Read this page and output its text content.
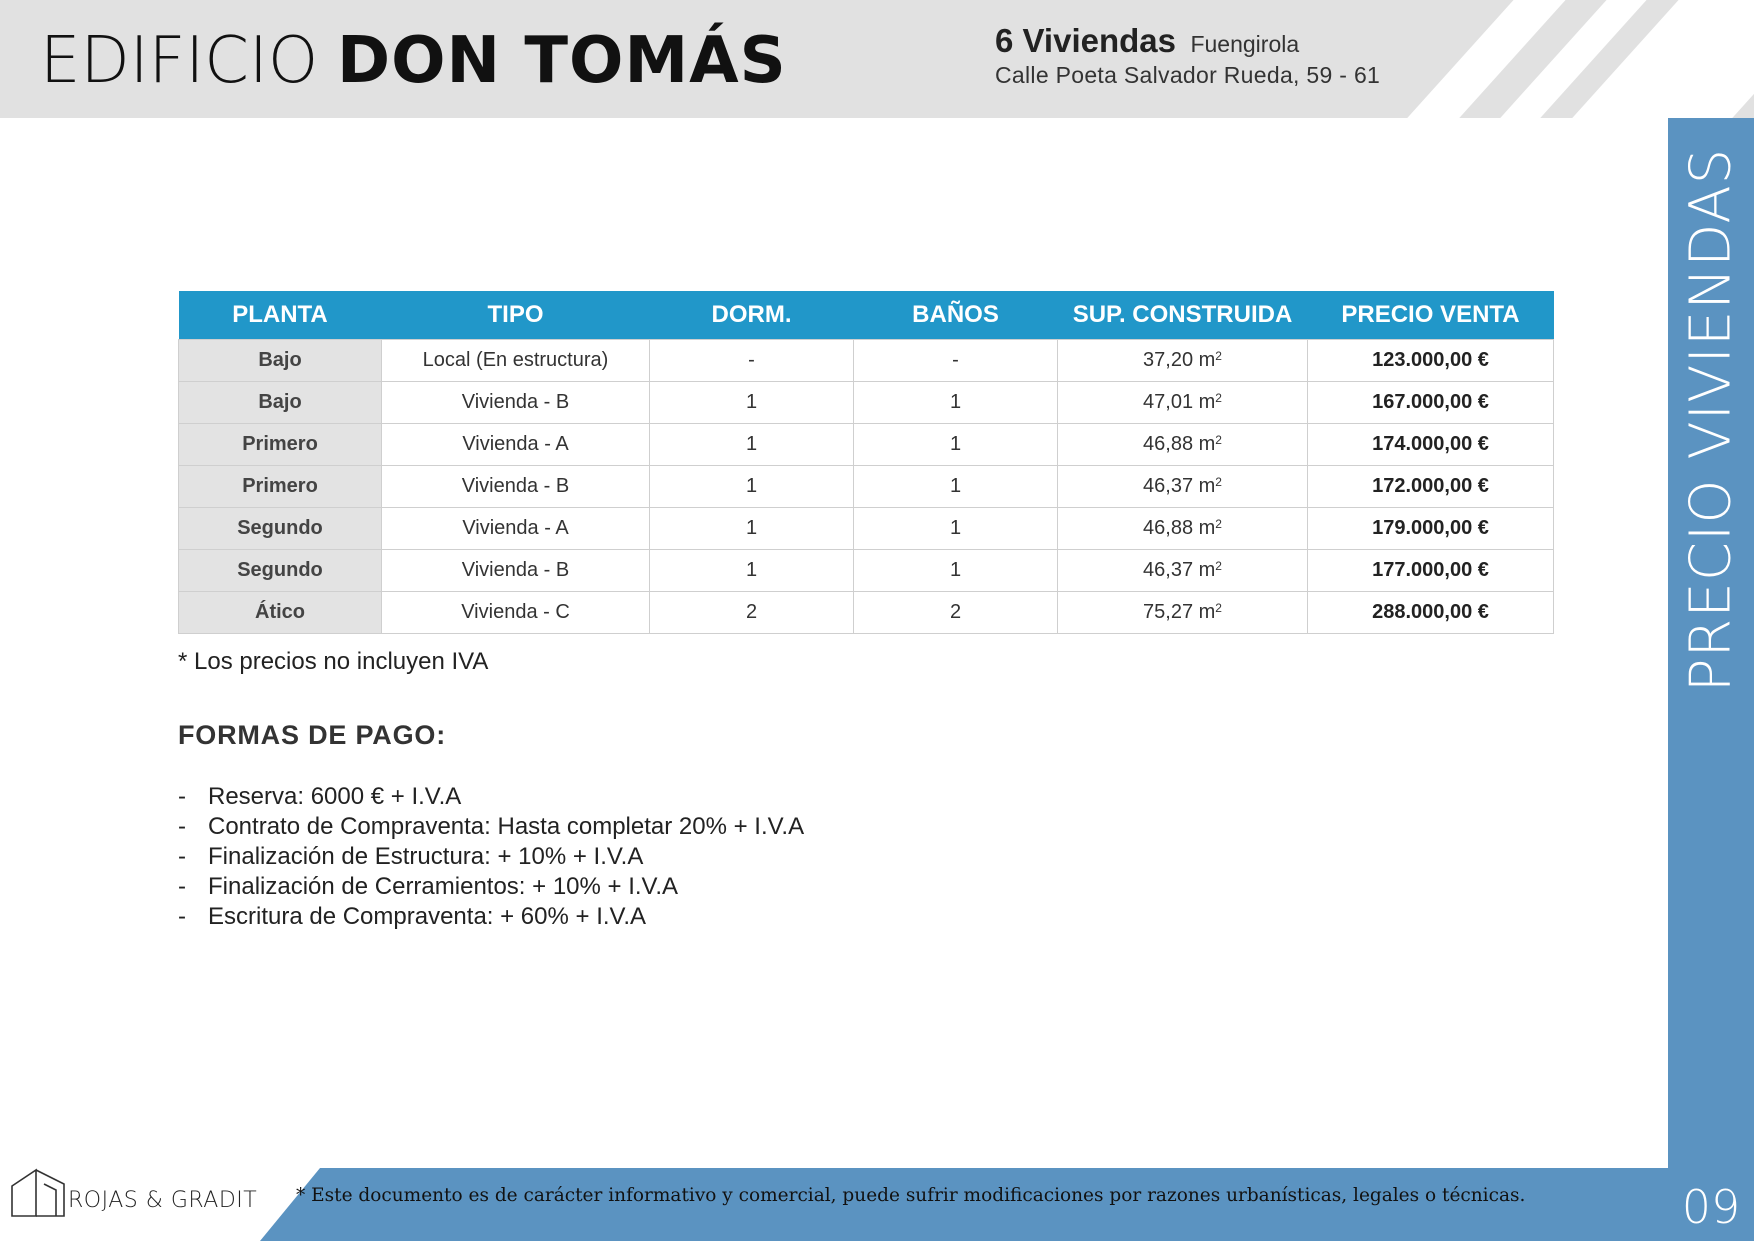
EDIFICIO DON TOMÁS	6 Viviendas Fuengirola
Calle Poeta Salvador Rueda, 59 - 61
PRECIO VIVIENDAS
09
PLANTA	TIPO	DORM.	BAÑOS	SUP. CONSTRUIDA	PRECIO VENTA
Bajo	Local (En estructura)	-	-	37,20 $m^2$	123.000,00 €
Bajo	Vivienda - B	1	1	47,01 $m^2$	167.000,00 €
Primero	Vivienda - A	1	1	46,88 $m^2$	174.000,00 €
Primero	Vivienda - B	1	1	46,37 $m^2$	172.000,00 €
Segundo	Vivienda - A	1	1	46,88 $m^2$	179.000,00 €
Segundo	Vivienda - B	1	1	46,37 $m^2$	177.000,00 €
Ático	Vivienda - C	2	2	75,27 $m^2$	288.000,00 €
* Los precios no incluyen IVA
FORMAS DE PAGO:
- Reserva: 6000 € + I.V.A
- Contrato de Compraventa: Hasta completar 20% + I.V.A
- Finalización de Estructura: + 10% + I.V.A
- Finalización de Cerramientos: + 10% + I.V.A
- Escritura de Compraventa: + 60% + I.V.A
* Este documento es de carácter informativo y comercial, puede sufrir modificaciones por razones urbanísticas, legales o técnicas.
ROJAS & GRADIT
